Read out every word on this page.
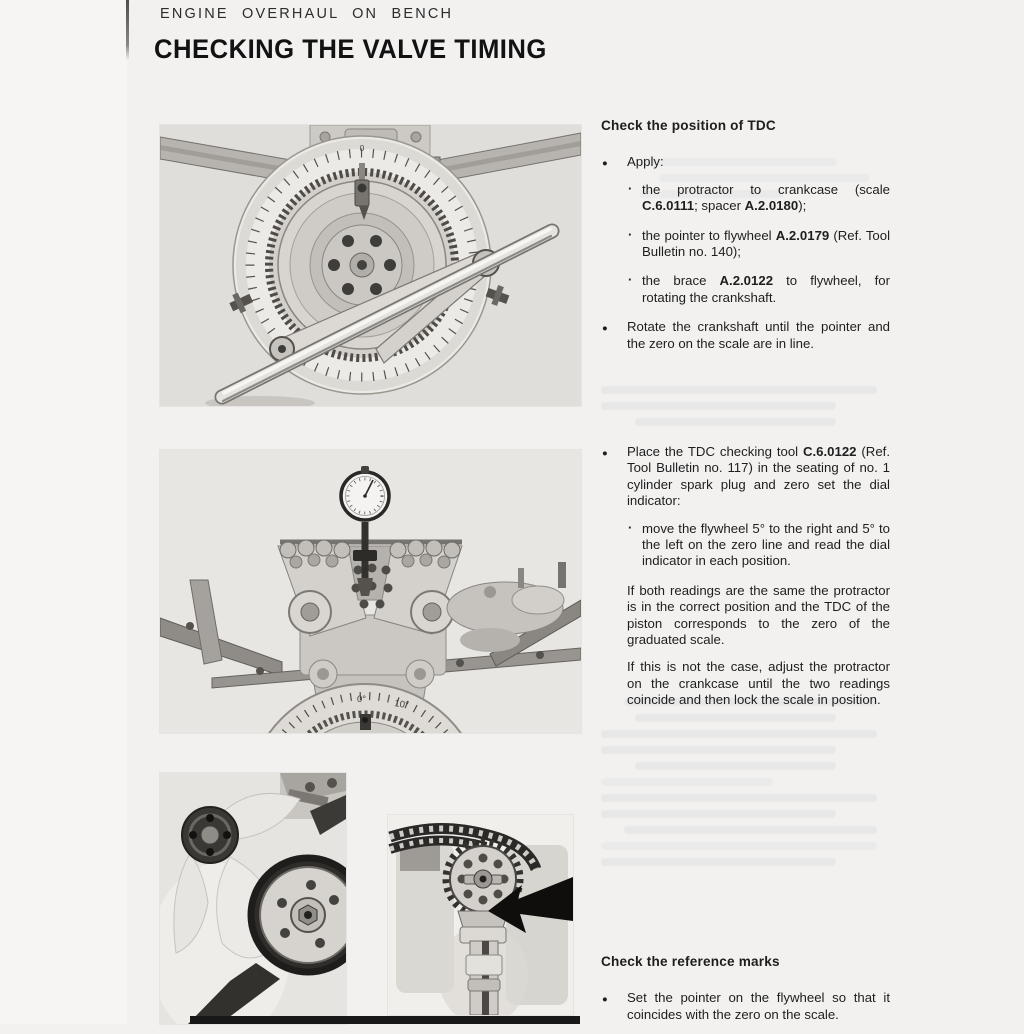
ENGINE OVERHAUL ON BENCH
CHECKING THE VALVE TIMING
0
0°	10°
Check the position of TDC
● Apply:
· the protractor to crankcase (scale C.6.0111; spacer A.2.0180);
· the pointer to flywheel A.2.0179 (Ref. Tool Bulletin no. 140);
· the brace A.2.0122 to flywheel, for rotating the crankshaft.
● Rotate the crankshaft until the pointer and the zero on the scale are in line.
● Place the TDC checking tool C.6.0122 (Ref. Tool Bulletin no. 117) in the seating of no. 1 cylinder spark plug and zero set the dial indicator:
· move the flywheel 5° to the right and 5° to the left on the zero line and read the dial indicator in each position.
If both readings are the same the protractor is in the correct position and the TDC of the piston corresponds to the zero of the graduated scale.
If this is not the case, adjust the protractor on the crankcase until the two readings coincide and then lock the scale in position.
Check the reference marks
● Set the pointer on the flywheel so that it coincides with the zero on the scale.
